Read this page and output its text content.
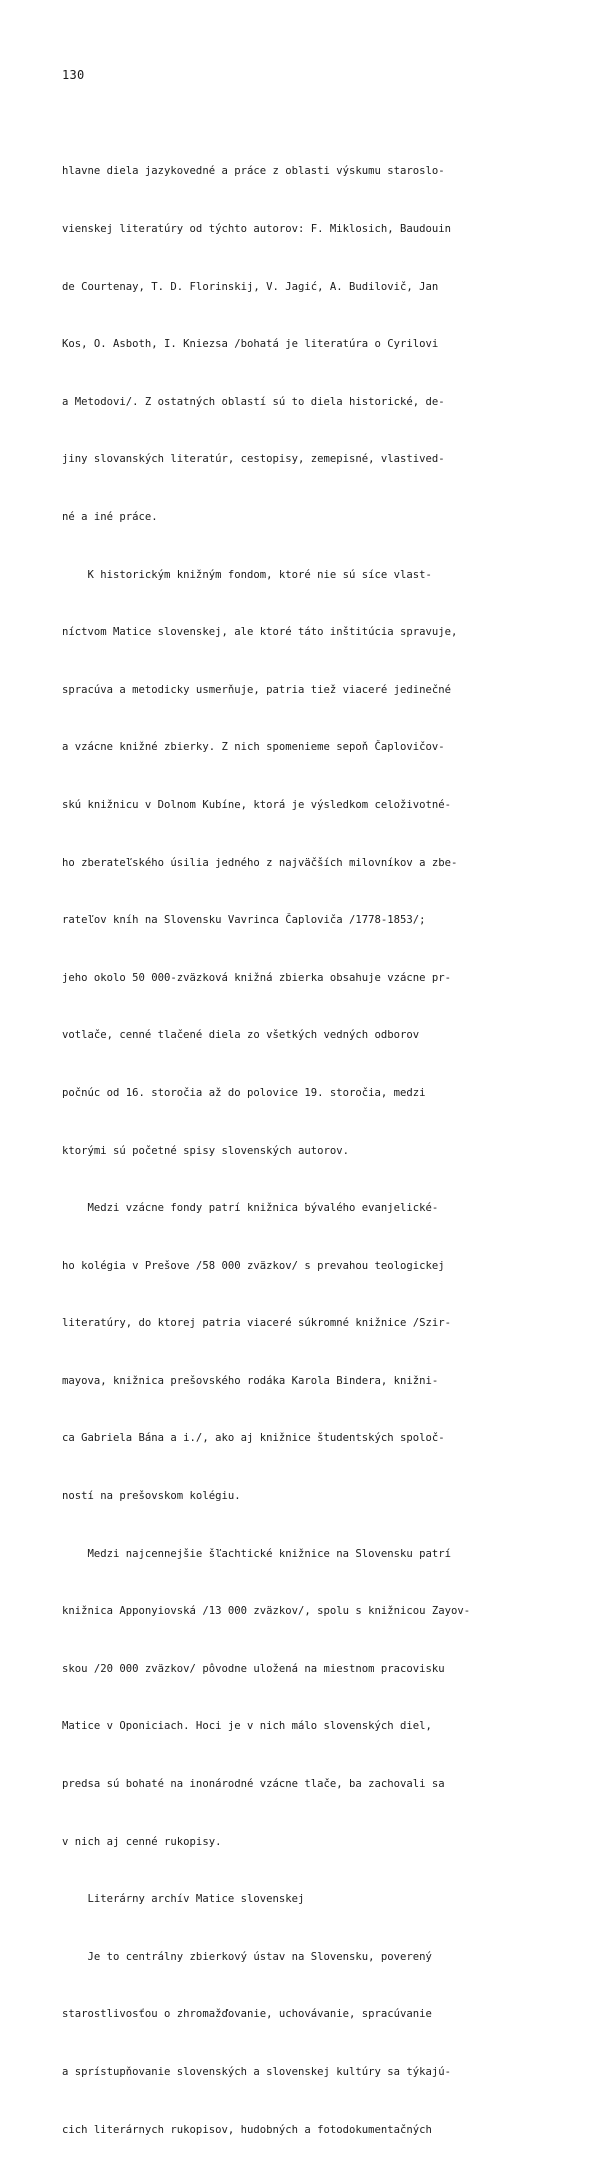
130

hlavne diela jazykovedné a práce z oblasti výskumu staroslo-

vienskej literatúry od týchto autorov: F. Miklosich, Baudouin

de Courtenay, T. D. Florinskij, V. Jagić, A. Budilovič, Jan

Kos, O. Asboth, I. Kniezsa /bohatá je literatúra o Cyrilovi

a Metodovi/. Z ostatných oblastí sú to diela historické, de-

jiny slovanských literatúr, cestopisy, zemepisné, vlastived-

né a iné práce.

K historickým knižným fondom, ktoré nie sú síce vlast-

níctvom Matice slovenskej, ale ktoré táto inštitúcia spravuje,

spracúva a metodicky usmerňuje, patria tiež viaceré jedinečné

a vzácne knižné zbierky. Z nich spomenieme sepoň Čaplovičov-

skú knižnicu v Dolnom Kubíne, ktorá je výsledkom celoživotné-

ho zberateľského úsilia jedného z najväčších milovníkov a zbe-

rateľov kníh na Slovensku Vavrinca Čaploviča /1778-1853/;

jeho okolo 50 000-zväzková knižná zbierka obsahuje vzácne pr-

votlače, cenné tlačené diela zo všetkých vedných odborov

počnúc od 16. storočia až do polovice 19. storočia, medzi

ktorými sú početné spisy slovenských autorov.

Medzi vzácne fondy patrí knižnica bývalého evanjelické-

ho kolégia v Prešove /58 000 zväzkov/ s prevahou teologickej

literatúry, do ktorej patria viaceré súkromné knižnice /Szir-

mayova, knižnica prešovského rodáka Karola Bindera, knižni-

ca Gabriela Bána a i./, ako aj knižnice študentských spoloč-

ností na prešovskom kolégiu.

Medzi najcennejšie šľachtické knižnice na Slovensku patrí

knižnica Apponyiovská /13 000 zväzkov/, spolu s knižnicou Zayov-

skou /20 000 zväzkov/ pôvodne uložená na miestnom pracovisku

Matice v Oponiciach. Hoci je v nich málo slovenských diel,

predsa sú bohaté na inonárodné vzácne tlače, ba zachovali sa

v nich aj cenné rukopisy.

Literárny archív Matice slovenskej

Je to centrálny zbierkový ústav na Slovensku, poverený

starostlivosťou o zhromažďovanie, uchovávanie, spracúvanie

a sprístupňovanie slovenských a slovenskej kultúry sa týkajú-

cich literárnych rukopisov, hudobných a fotodokumentačných
